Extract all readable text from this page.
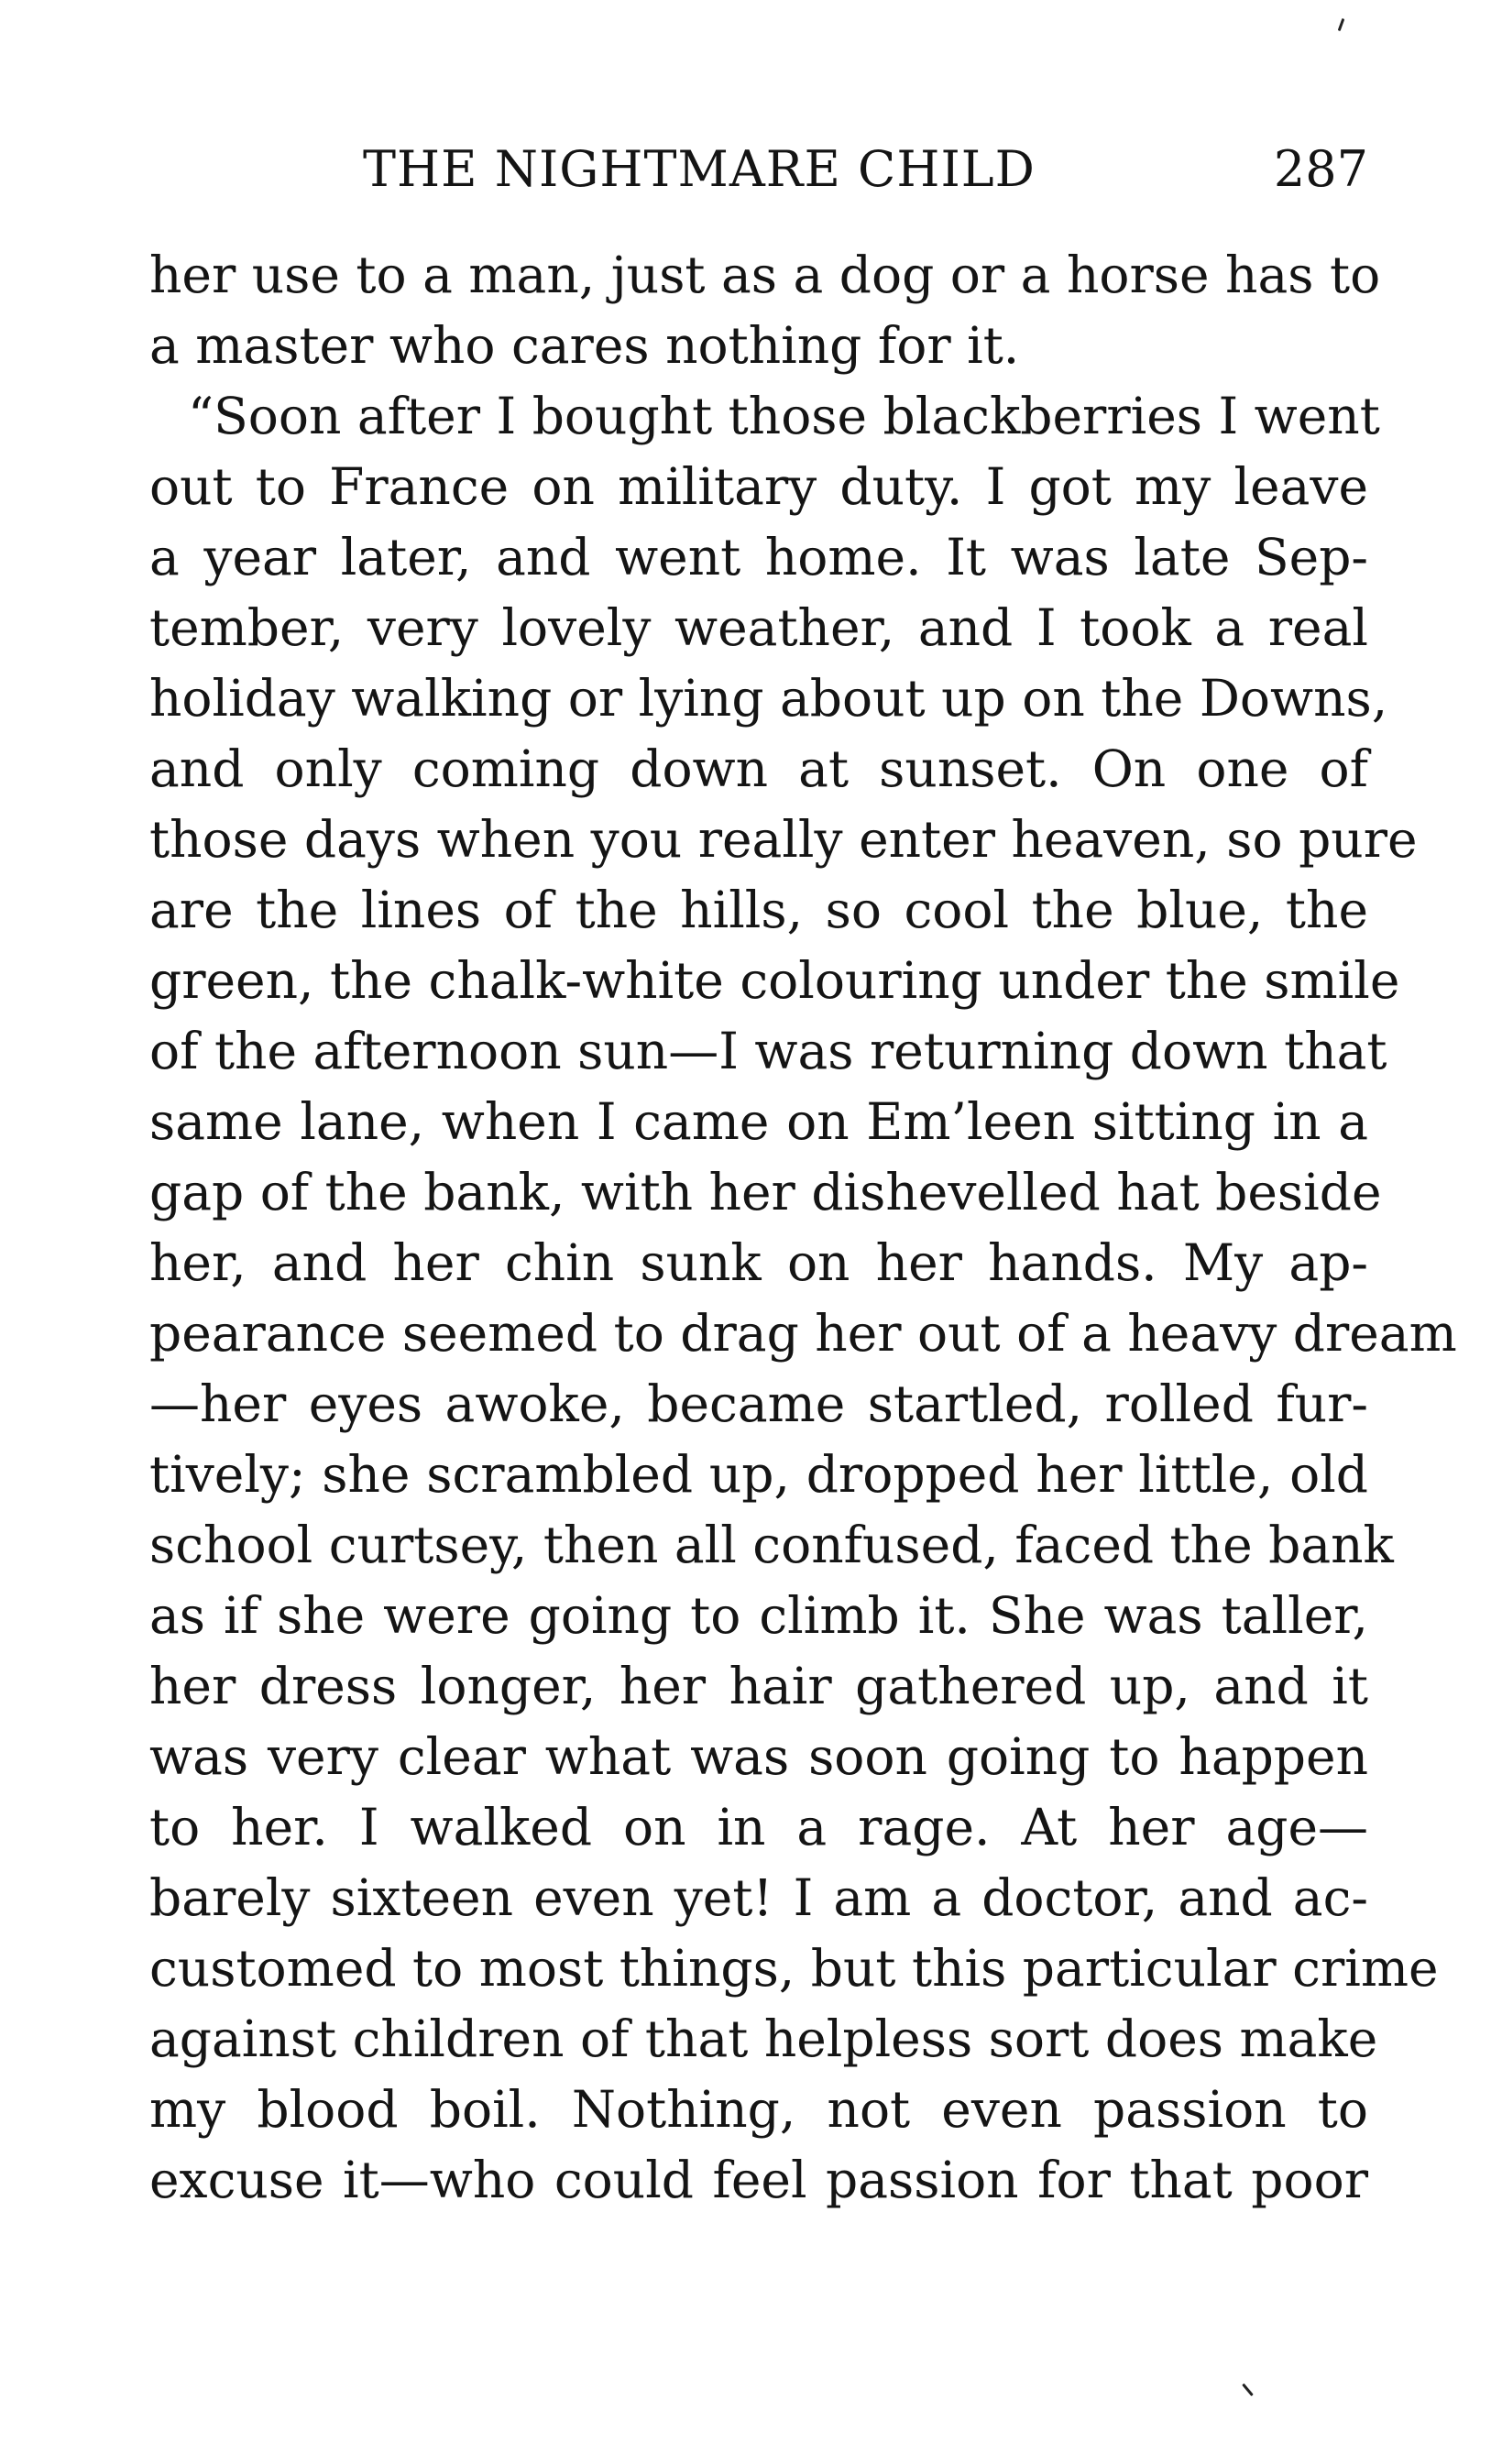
THE NIGHTMARE CHILD	287
her use to a man, just as a dog or a horse has to
a master who cares nothing for it.
“Soon after I bought those blackberries I went
out to France on military duty. I got my leave
a year later, and went home. It was late Sep-
tember, very lovely weather, and I took a real
holiday walking or lying about up on the Downs,
and only coming down at sunset. On one of
those days when you really enter heaven, so pure
are the lines of the hills, so cool the blue, the
green, the chalk-white colouring under the smile
of the afternoon sun—I was returning down that
same lane, when I came on Em’leen sitting in a
gap of the bank, with her dishevelled hat beside
her, and her chin sunk on her hands. My ap-
pearance seemed to drag her out of a heavy dream
—her eyes awoke, became startled, rolled fur-
tively; she scrambled up, dropped her little, old
school curtsey, then all confused, faced the bank
as if she were going to climb it. She was taller,
her dress longer, her hair gathered up, and it
was very clear what was soon going to happen
to her. I walked on in a rage. At her age—
barely sixteen even yet! I am a doctor, and ac-
customed to most things, but this particular crime
against children of that helpless sort does make
my blood boil. Nothing, not even passion to
excuse it—who could feel passion for that poor
